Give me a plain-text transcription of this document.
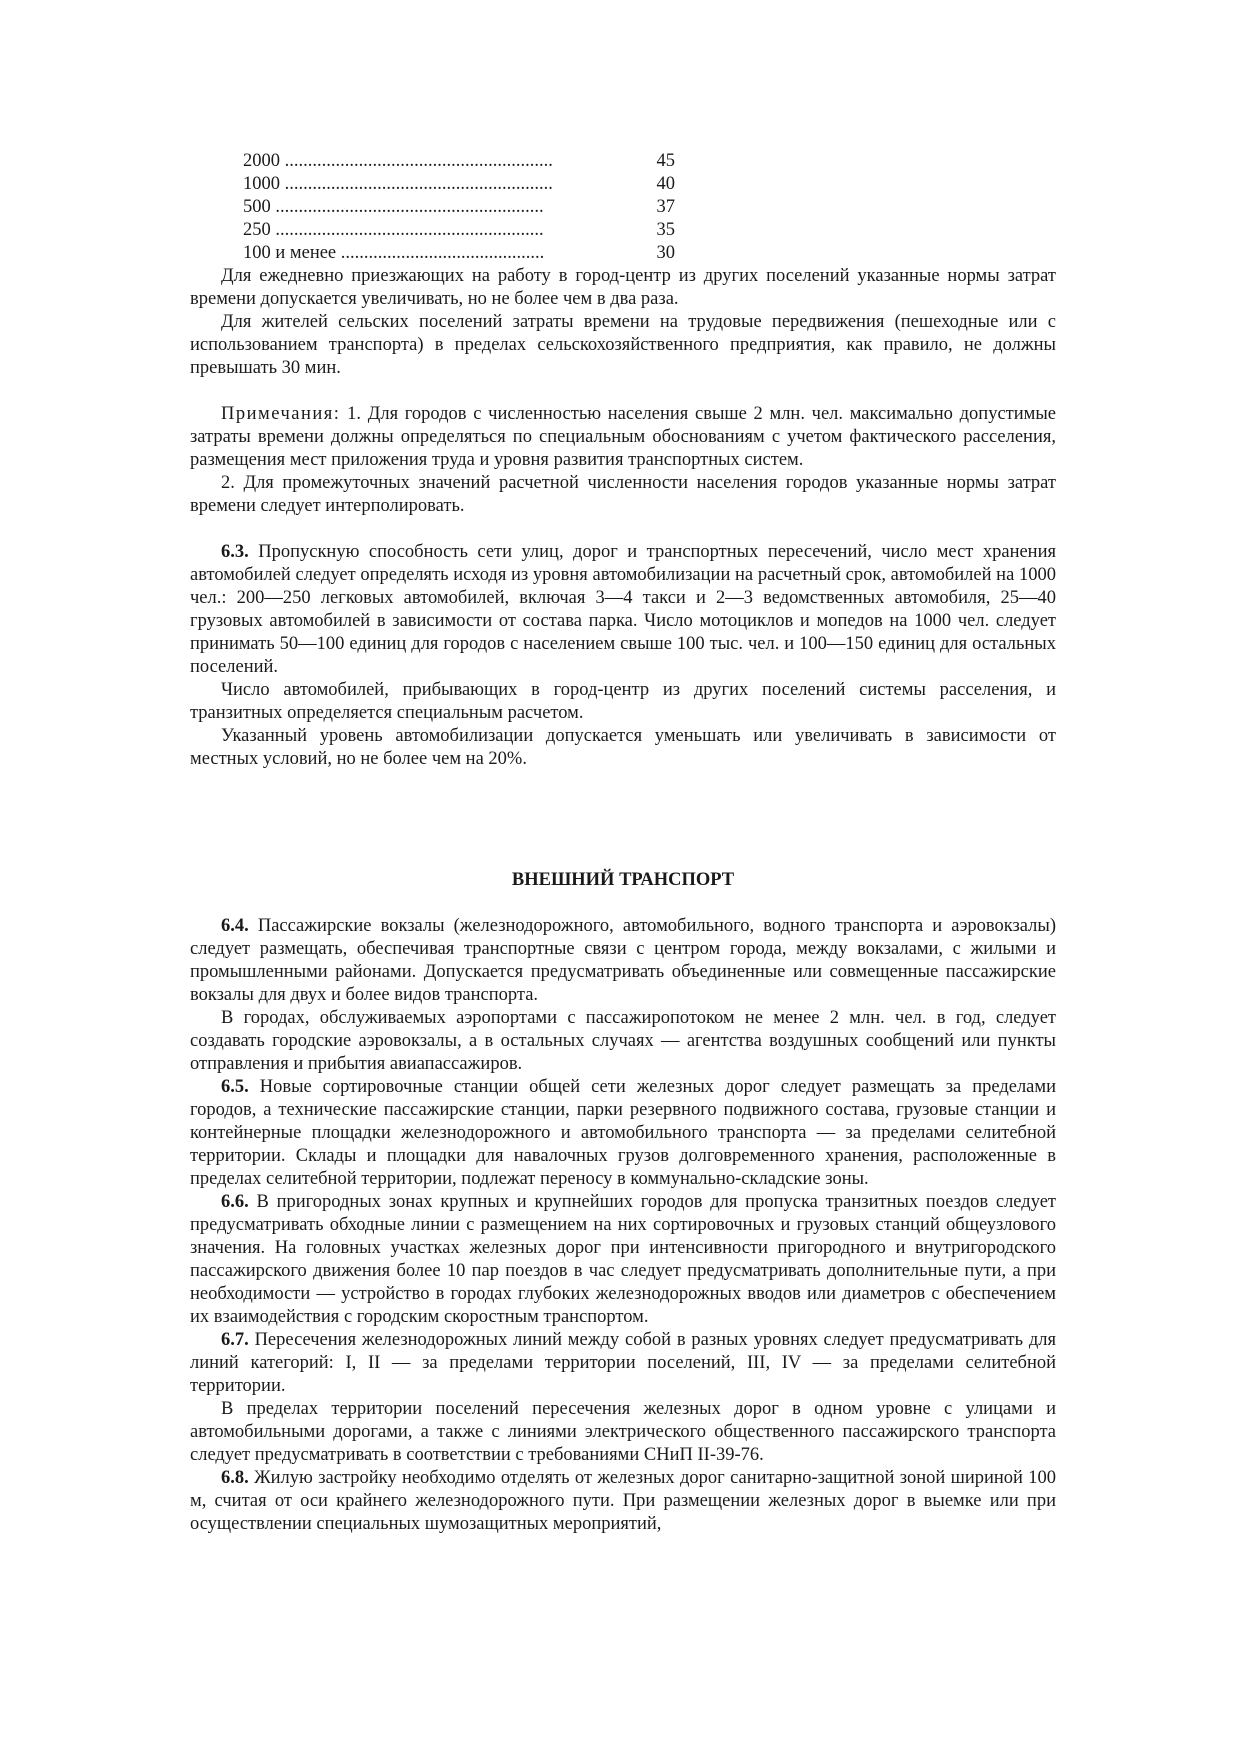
2000 ..........................................................	45
1000 ..........................................................	40
500 ..........................................................	37
250 ..........................................................	35
100 и менее ............................................	30

Для ежедневно приезжающих на работу в город-центр из других поселений указанные нормы затрат времени допускается увеличивать, но не более чем в два раза.

Для жителей сельских поселений затраты времени на трудовые передвижения (пешеходные или с использованием транспорта) в пределах сельскохозяйственного предприятия, как правило, не должны превышать 30 мин.

Примечания: 1. Для городов с численностью населения свыше 2 млн. чел. максимально допустимые затраты времени должны определяться по специальным обоснованиям с учетом фактического расселения, размещения мест приложения труда и уровня развития транспортных систем.

2. Для промежуточных значений расчетной численности населения городов указанные нормы затрат времени следует интерполировать.

6.3. Пропускную способность сети улиц, дорог и транспортных пересечений, число мест хранения автомобилей следует определять исходя из уровня автомобилизации на расчетный срок, автомобилей на 1000 чел.: 200—250 легковых автомобилей, включая 3—4 такси и 2—3 ведомственных автомобиля, 25—40 грузовых автомобилей в зависимости от состава парка. Число мотоциклов и мопедов на 1000 чел. следует принимать 50—100 единиц для городов с населением свыше 100 тыс. чел. и 100—150 единиц для остальных поселений.

Число автомобилей, прибывающих в город-центр из других поселений системы расселения, и транзитных определяется специальным расчетом.

Указанный уровень автомобилизации допускается уменьшать или увеличивать в зависимости от местных условий, но не более чем на 20%.

ВНЕШНИЙ ТРАНСПОРТ

6.4. Пассажирские вокзалы (железнодорожного, автомобильного, водного транспорта и аэровокзалы) следует размещать, обеспечивая транспортные связи с центром города, между вокзалами, с жилыми и промышленными районами. Допускается предусматривать объединенные или совмещенные пассажирские вокзалы для двух и более видов транспорта.

В городах, обслуживаемых аэропортами с пассажиропотоком не менее 2 млн. чел. в год, следует создавать городские аэровокзалы, а в остальных случаях — агентства воздушных сообщений или пункты отправления и прибытия авиапассажиров.

6.5. Новые сортировочные станции общей сети железных дорог следует размещать за пределами городов, а технические пассажирские станции, парки резервного подвижного состава, грузовые станции и контейнерные площадки железнодорожного и автомобильного транспорта — за пределами селитебной территории. Склады и площадки для навалочных грузов долговременного хранения, расположенные в пределах селитебной территории, подлежат переносу в коммунально-складские зоны.

6.6. В пригородных зонах крупных и крупнейших городов для пропуска транзитных поездов следует предусматривать обходные линии с размещением на них сортировочных и грузовых станций общеузлового значения. На головных участках железных дорог при интенсивности пригородного и внутригородского пассажирского движения более 10 пар поездов в час следует предусматривать дополнительные пути, а при необходимости — устройство в городах глубоких железнодорожных вводов или диаметров с обеспечением их взаимодействия с городским скоростным транспортом.

6.7. Пересечения железнодорожных линий между собой в разных уровнях следует предусматривать для линий категорий: I, II — за пределами территории поселений, III, IV — за пределами селитебной территории.

В пределах территории поселений пересечения железных дорог в одном уровне с улицами и автомобильными дорогами, а также с линиями электрического общественного пассажирского транспорта следует предусматривать в соответствии с требованиями СНиП II-39-76.

6.8. Жилую застройку необходимо отделять от железных дорог санитарно-защитной зоной шириной 100 м, считая от оси крайнего железнодорожного пути. При размещении железных дорог в выемке или при осуществлении специальных шумозащитных мероприятий,
